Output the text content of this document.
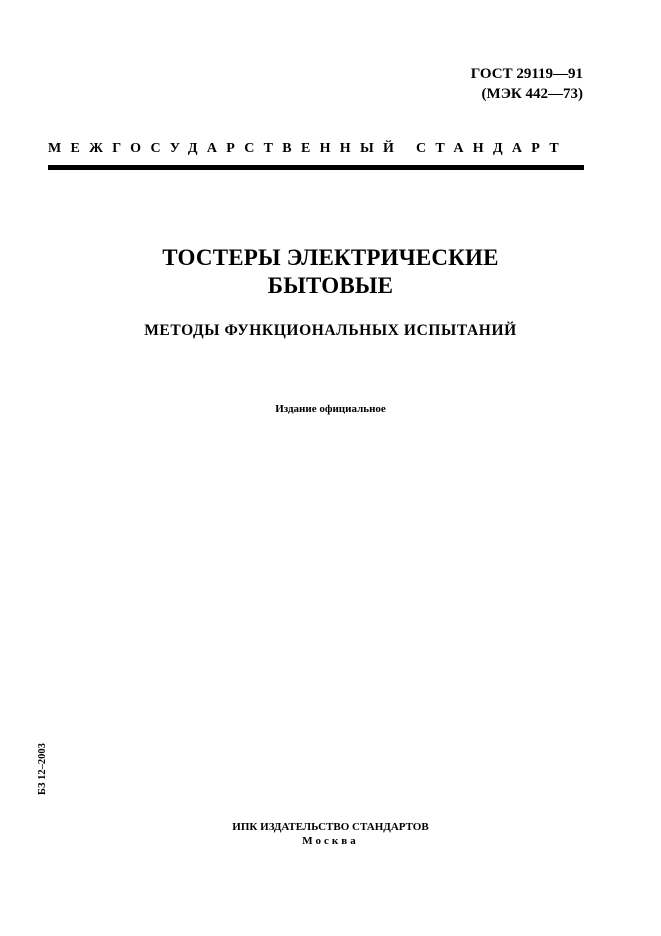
ГОСТ 29119—91
(МЭК 442—73)
МЕЖГОСУДАРСТВЕННЫЙ СТАНДАРТ
ТОСТЕРЫ ЭЛЕКТРИЧЕСКИЕ
БЫТОВЫЕ
МЕТОДЫ ФУНКЦИОНАЛЬНЫХ ИСПЫТАНИЙ
Издание официальное
БЗ 12–2003
ИПК ИЗДАТЕЛЬСТВО СТАНДАРТОВ
Москва
